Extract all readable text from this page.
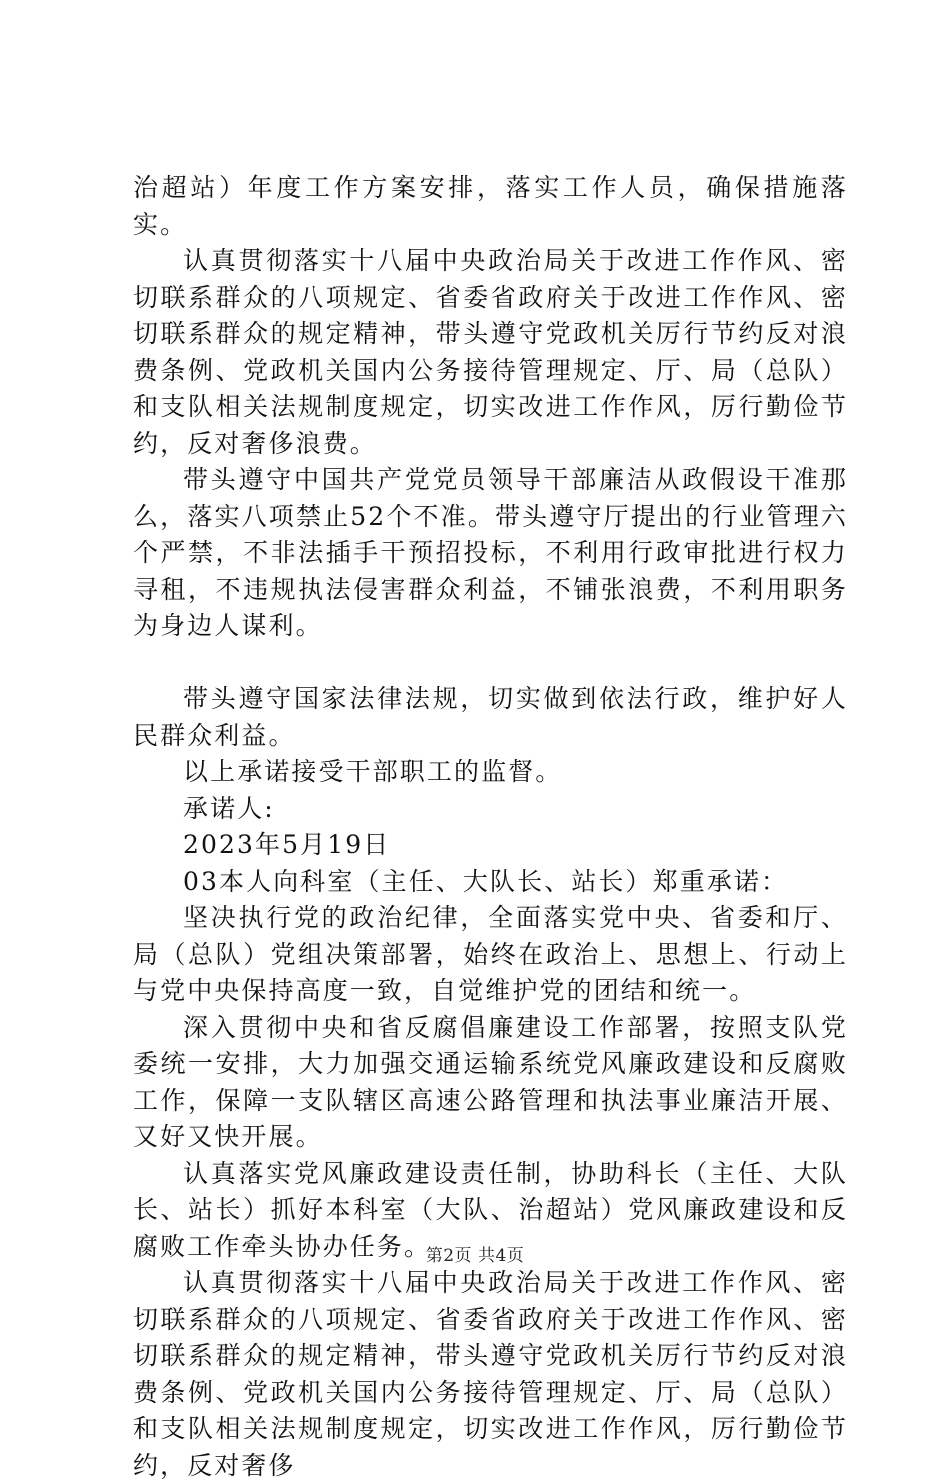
治超站）年度工作方案安排，落实工作人员，确保措施落实。

认真贯彻落实十八届中央政治局关于改进工作作风、密切联系群众的八项规定、省委省政府关于改进工作作风、密切联系群众的规定精神，带头遵守党政机关厉行节约反对浪费条例、党政机关国内公务接待管理规定、厅、局（总队）和支队相关法规制度规定，切实改进工作作风，厉行勤俭节约，反对奢侈浪费。

带头遵守中国共产党党员领导干部廉洁从政假设干准那么，落实八项禁止52个不准。带头遵守厅提出的行业管理六个严禁，不非法插手干预招投标，不利用行政审批进行权力寻租，不违规执法侵害群众利益，不铺张浪费，不利用职务为身边人谋利。

带头遵守国家法律法规，切实做到依法行政，维护好人民群众利益。

以上承诺接受干部职工的监督。

承诺人:

2023年5月19日

03本人向科室（主任、大队长、站长）郑重承诺：

坚决执行党的政治纪律，全面落实党中央、省委和厅、局（总队）党组决策部署，始终在政治上、思想上、行动上与党中央保持高度一致，自觉维护党的团结和统一。

深入贯彻中央和省反腐倡廉建设工作部署，按照支队党委统一安排，大力加强交通运输系统党风廉政建设和反腐败工作，保障一支队辖区高速公路管理和执法事业廉洁开展、又好又快开展。

认真落实党风廉政建设责任制，协助科长（主任、大队长、站长）抓好本科室（大队、治超站）党风廉政建设和反腐败工作牵头协办任务。

认真贯彻落实十八届中央政治局关于改进工作作风、密切联系群众的八项规定、省委省政府关于改进工作作风、密切联系群众的规定精神，带头遵守党政机关厉行节约反对浪费条例、党政机关国内公务接待管理规定、厅、局（总队）和支队相关法规制度规定，切实改进工作作风，厉行勤俭节约，反对奢侈

第2页 共4页
